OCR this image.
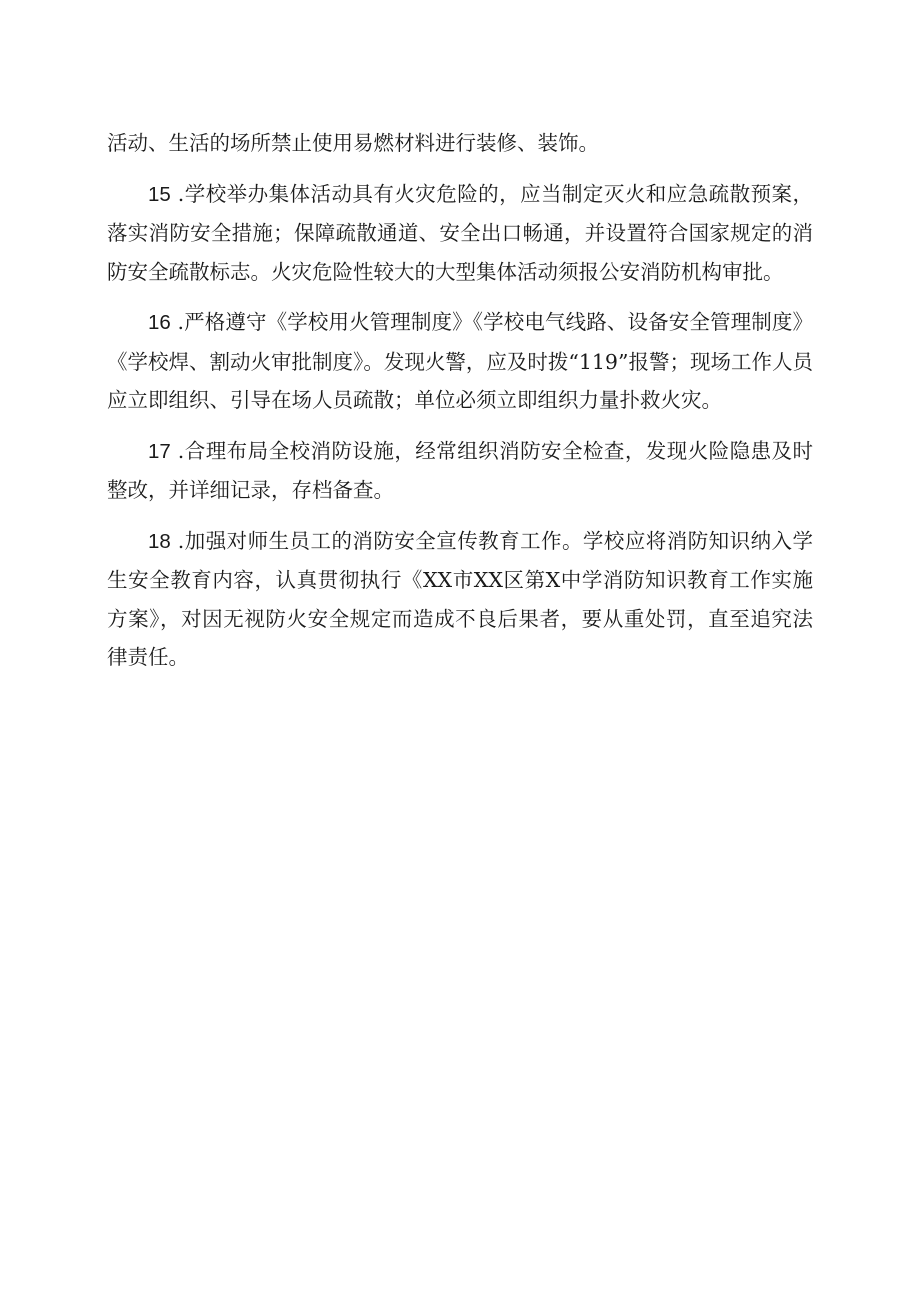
活动、生活的场所禁止使用易燃材料进行装修、装饰。

15 .学校举办集体活动具有火灾危险的，应当制定灭火和应急疏散预案，落实消防安全措施；保障疏散通道、安全出口畅通，并设置符合国家规定的消防安全疏散标志。火灾危险性较大的大型集体活动须报公安消防机构审批。

16 .严格遵守《学校用火管理制度》《学校电气线路、设备安全管理制度》《学校焊、割动火审批制度》。发现火警，应及时拨“119”报警；现场工作人员应立即组织、引导在场人员疏散；单位必须立即组织力量扑救火灾。

17 .合理布局全校消防设施，经常组织消防安全检查，发现火险隐患及时整改，并详细记录，存档备查。

18 .加强对师生员工的消防安全宣传教育工作。学校应将消防知识纳入学生安全教育内容，认真贯彻执行《XX市XX区第X中学消防知识教育工作实施方案》，对因无视防火安全规定而造成不良后果者，要从重处罚，直至追究法律责任。
